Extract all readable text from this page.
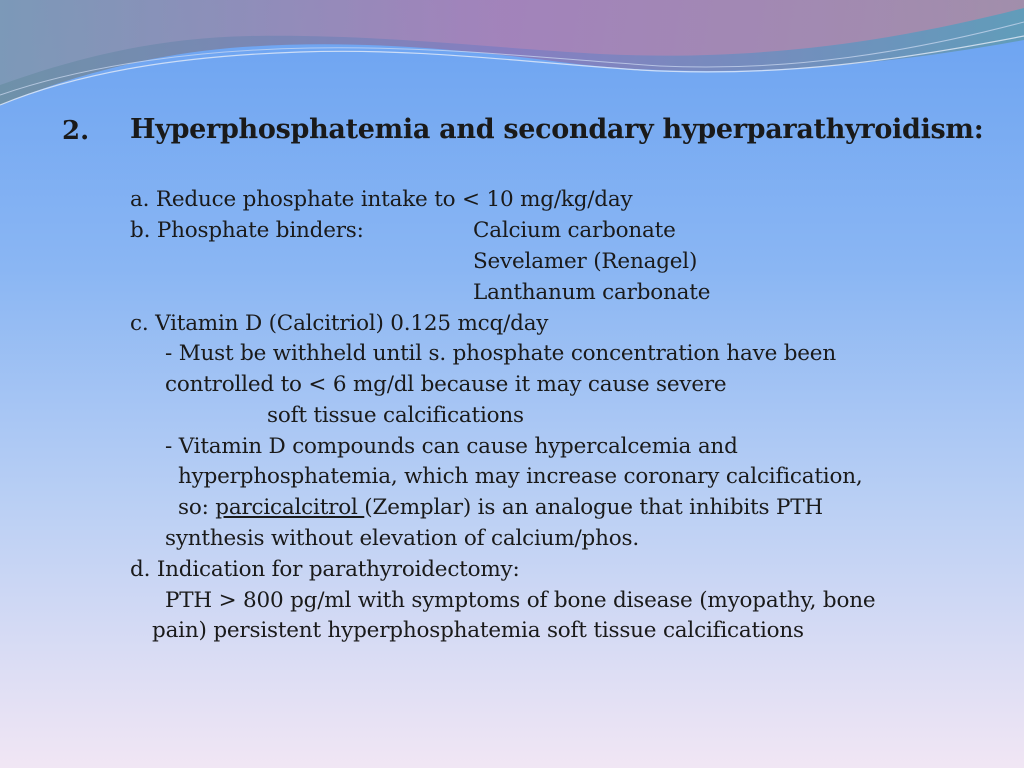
2. Hyperphosphatemia and secondary hyperparathyroidism:
a. Reduce phosphate intake to < 10 mg/kg/day
b. Phosphate binders:	Calcium carbonate
Sevelamer (Renagel)
Lanthanum carbonate
c. Vitamin D (Calcitriol) 0.125 mcq/day
- Must be withheld until s. phosphate concentration have been
controlled to < 6 mg/dl because it may cause severe
soft tissue calcifications
- Vitamin D compounds can cause hypercalcemia and
hyperphosphatemia, which may increase coronary calcification,
so: parcicalcitrol (Zemplar) is an analogue that inhibits PTH
synthesis without elevation of calcium/phos.
d. Indication for parathyroidectomy:
PTH > 800 pg/ml with symptoms of bone disease (myopathy, bone
pain) persistent hyperphosphatemia soft tissue calcifications
